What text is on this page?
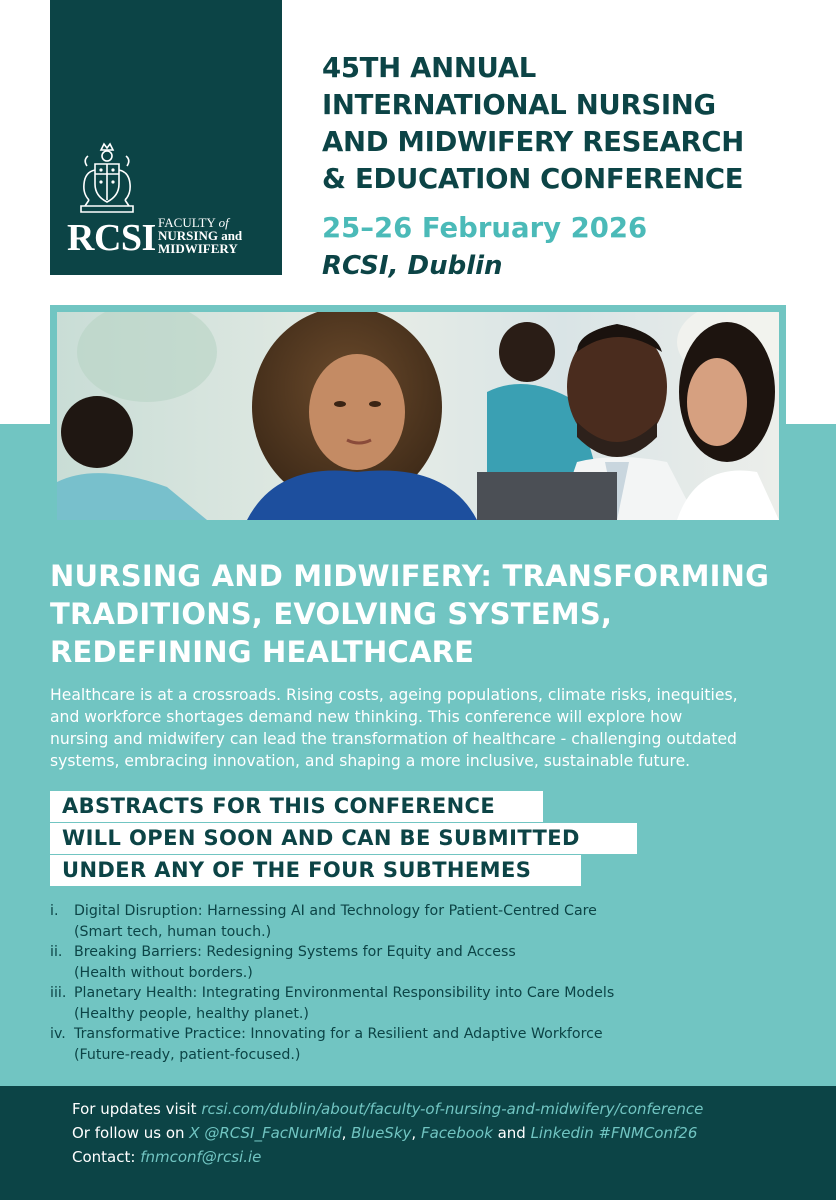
RCSI FACULTY of
NURSING and
MIDWIFERY
45TH ANNUAL
INTERNATIONAL NURSING
AND MIDWIFERY RESEARCH
& EDUCATION CONFERENCE
25–26 February 2026
RCSI, Dublin
NURSING AND MIDWIFERY: TRANSFORMING
TRADITIONS, EVOLVING SYSTEMS,
REDEFINING HEALTHCARE

Healthcare is at a crossroads. Rising costs, ageing populations, climate risks, inequities,
and workforce shortages demand new thinking. This conference will explore how
nursing and midwifery can lead the transformation of healthcare - challenging outdated
systems, embracing innovation, and shaping a more inclusive, sustainable future.

ABSTRACTS FOR THIS CONFERENCE
WILL OPEN SOON AND CAN BE SUBMITTED
UNDER ANY OF THE FOUR SUBTHEMES
i. Digital Disruption: Harnessing AI and Technology for Patient-Centred Care
(Smart tech, human touch.)
ii. Breaking Barriers: Redesigning Systems for Equity and Access
(Health without borders.)
iii. Planetary Health: Integrating Environmental Responsibility into Care Models
(Healthy people, healthy planet.)
iv. Transformative Practice: Innovating for a Resilient and Adaptive Workforce
(Future-ready, patient-focused.)
For updates visit rcsi.com/dublin/about/faculty-of-nursing-and-midwifery/conference
Or follow us on X @RCSI_FacNurMid, BlueSky, Facebook and Linkedin #FNMConf26
Contact: fnmconf@rcsi.ie
